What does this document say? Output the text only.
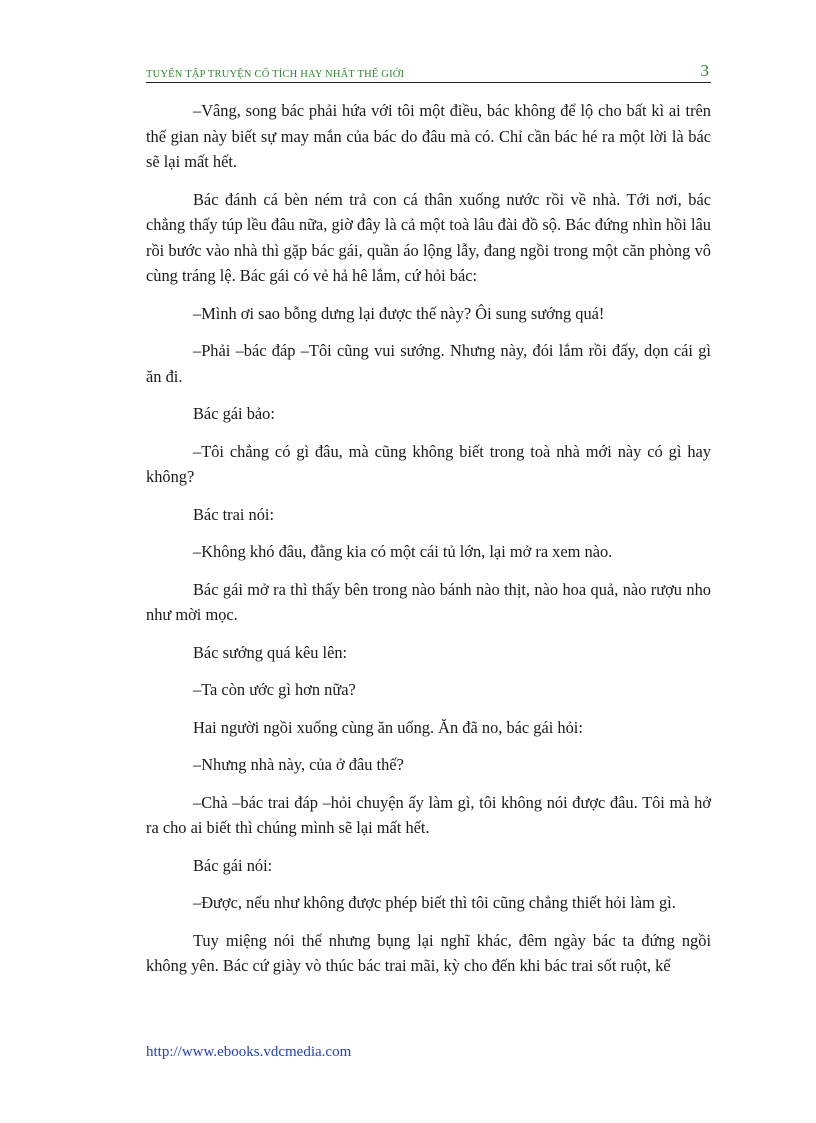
TUYỂN TẬP TRUYỆN CỔ TÍCH HAY NHẤT THẾ GIỚI	3

–Vâng, song bác phải hứa với tôi một điều, bác không để lộ cho bất kì ai trên thế gian này biết sự may mắn của bác do đâu mà có. Chỉ cần bác hé ra một lời là bác sẽ lại mất hết.

Bác đánh cá bèn ném trả con cá thân xuống nước rồi về nhà. Tới nơi, bác chẳng thấy túp lều đâu nữa, giờ đây là cả một toà lâu đài đồ sộ. Bác đứng nhìn hồi lâu rồi bước vào nhà thì gặp bác gái, quần áo lộng lẫy, đang ngồi trong một căn phòng vô cùng tráng lệ. Bác gái có vẻ hả hê lắm, cứ hỏi bác:

–Mình ơi sao bỗng dưng lại được thế này? Ôi sung sướng quá!

–Phải –bác đáp –Tôi cũng vui sướng. Nhưng này, đói lắm rồi đấy, dọn cái gì ăn đi.

Bác gái bảo:

–Tôi chẳng có gì đâu, mà cũng không biết trong toà nhà mới này có gì hay không?

Bác trai nói:

–Không khó đâu, đằng kia có một cái tủ lớn, lại mở ra xem nào.

Bác gái mở ra thì thấy bên trong nào bánh nào thịt, nào hoa quả, nào rượu nho như mời mọc.

Bác sướng quá kêu lên:

–Ta còn ước gì hơn nữa?

Hai người ngồi xuống cùng ăn uống. Ăn đã no, bác gái hỏi:

–Nhưng nhà này, của ở đâu thế?

–Chà –bác trai đáp –hỏi chuyện ấy làm gì, tôi không nói được đâu. Tôi mà hở ra cho ai biết thì chúng mình sẽ lại mất hết.

Bác gái nói:

–Được, nếu như không được phép biết thì tôi cũng chẳng thiết hỏi làm gì.

Tuy miệng nói thế nhưng bụng lại nghĩ khác, đêm ngày bác ta đứng ngồi không yên. Bác cứ giày vò thúc bác trai mãi, kỳ cho đến khi bác trai sốt ruột, kể

http://www.ebooks.vdcmedia.com
